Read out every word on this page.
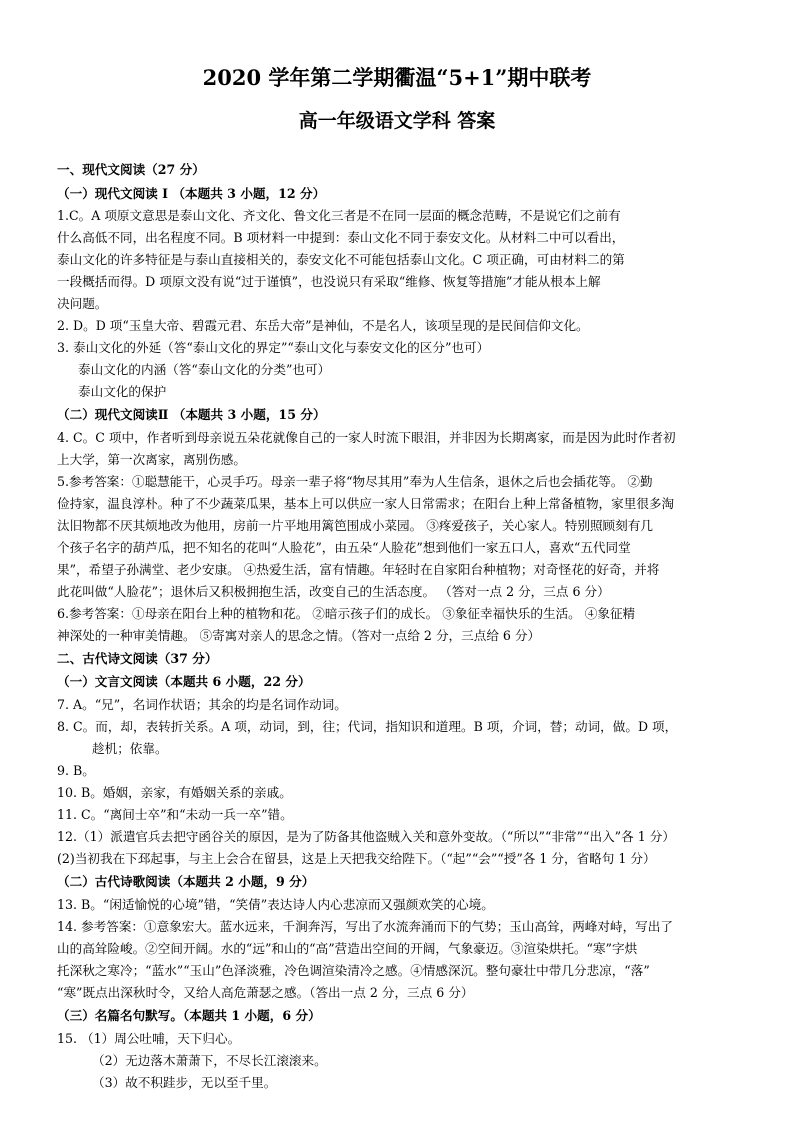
2020 学年第二学期衢温“5+1”期中联考
高一年级语文学科 答案
一、现代文阅读（27 分）
（一）现代文阅读 I （本题共 3 小题，12 分）
1.C。A 项原文意思是泰山文化、齐文化、鲁文化三者是不在同一层面的概念范畴，不是说它们之前有
什么高低不同，出名程度不同。B 项材料一中提到：泰山文化不同于泰安文化。从材料二中可以看出，
泰山文化的许多特征是与泰山直接相关的，泰安文化不可能包括泰山文化。C 项正确，可由材料二的第
一段概括而得。D 项原文没有说“过于谨慎”，也没说只有采取“维修、恢复等措施”才能从根本上解
决问题。
2. D。D 项“玉皇大帝、碧霞元君、东岳大帝”是神仙，不是名人，该项呈现的是民间信仰文化。
3. 泰山文化的外延（答“泰山文化的界定”“泰山文化与泰安文化的区分”也可）
泰山文化的内涵（答“泰山文化的分类”也可）
泰山文化的保护
（二）现代文阅读Ⅱ （本题共 3 小题，15 分）
4. C。C 项中，作者听到母亲说五朵花就像自己的一家人时流下眼泪，并非因为长期离家，而是因为此时作者初
上大学，第一次离家，离别伤感。
5.参考答案：①聪慧能干，心灵手巧。母亲一辈子将“物尽其用”奉为人生信条，退休之后也会插花等。 ②勤
俭持家，温良淳朴。种了不少蔬菜瓜果，基本上可以供应一家人日常需求；在阳台上种上常备植物，家里很多淘
汰旧物都不厌其烦地改为他用，房前一片平地用篱笆围成小菜园。 ③疼爱孩子，关心家人。特别照顾刻有几
个孩子名字的葫芦瓜，把不知名的花叫“人脸花”，由五朵“人脸花”想到他们一家五口人，喜欢“五代同堂
果”，希望子孙满堂、老少安康。 ④热爱生活，富有情趣。年轻时在自家阳台种植物；对奇怪花的好奇，并将
此花叫做“人脸花”；退休后又积极拥抱生活，改变自己的生活态度。 （答对一点 2 分，三点 6 分）
6.参考答案：①母亲在阳台上种的植物和花。 ②暗示孩子们的成长。 ③象征幸福快乐的生活。 ④象征精
神深处的一种审美情趣。 ⑤寄寓对亲人的思念之情。（答对一点给 2 分，三点给 6 分）
二、古代诗文阅读（37 分）
（一）文言文阅读（本题共 6 小题，22 分）
7. A。“兄”，名词作状语；其余的均是名词作动词。
8. C。而，却，表转折关系。A 项，动词，到，往；代词，指知识和道理。B 项，介词，替；动词，做。D 项，
趁机；依靠。
9. B。
10. B。婚姻，亲家，有婚姻关系的亲戚。
11. C。“离间士卒”和“未动一兵一卒”错。
12.（1）派遣官兵去把守函谷关的原因，是为了防备其他盗贼入关和意外变故。（“所以”“非常”“出入”各 1 分）
(2)当初我在下邳起事，与主上会合在留县，这是上天把我交给陛下。（“起”“会”“授”各 1 分，省略句 1 分）
（二）古代诗歌阅读（本题共 2 小题，9 分）
13. B。“闲适愉悦的心境”错，“笑倩”表达诗人内心悲凉而又强颜欢笑的心境。
14. 参考答案：①意象宏大。蓝水远来，千涧奔泻，写出了水流奔涌而下的气势；玉山高耸，两峰对峙，写出了
山的高耸险峻。②空间开阔。水的“远”和山的“高”营造出空间的开阔，气象豪迈。③渲染烘托。“寒”字烘
托深秋之寒冷；“蓝水”“玉山”色泽淡雅，冷色调渲染清冷之感。④情感深沉。整句豪壮中带几分悲凉，“落”
“寒”既点出深秋时令，又给人高危萧瑟之感。（答出一点 2 分，三点 6 分）
（三）名篇名句默写。（本题共 1 小题，6 分）
15. （1）周公吐哺，天下归心。
（2）无边落木萧萧下，不尽长江滚滚来。
（3）故不积跬步，无以至千里。
